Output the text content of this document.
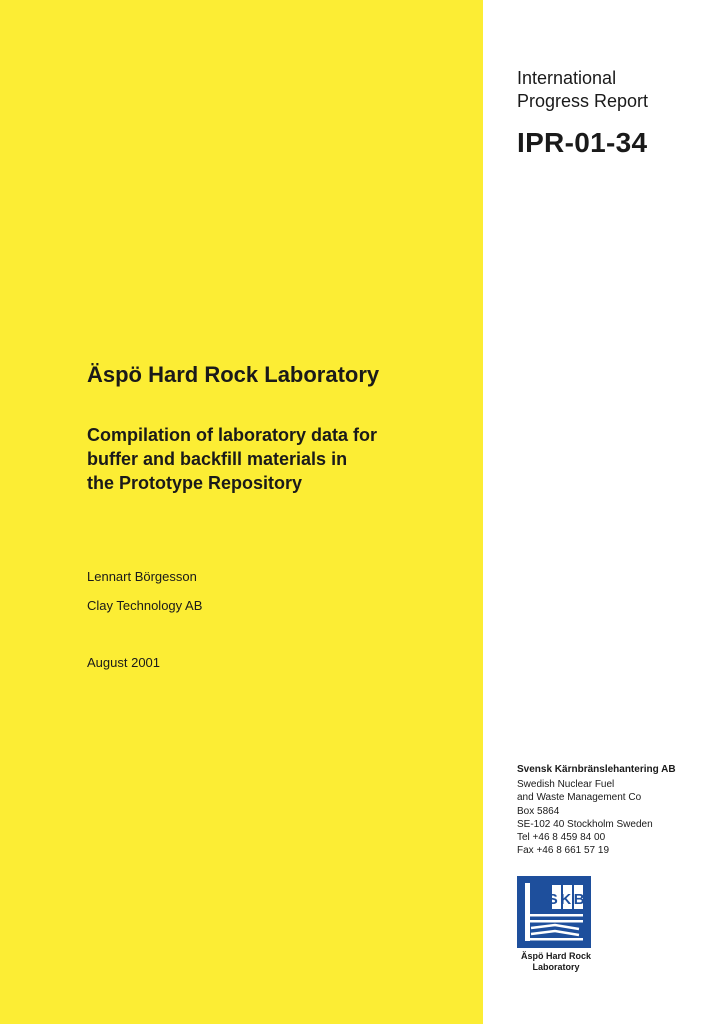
International
Progress Report
IPR-01-34
Äspö Hard Rock Laboratory
Compilation of laboratory data for
buffer and backfill materials in
the Prototype Repository
Lennart Börgesson
Clay Technology AB
August 2001
Svensk Kärnbränslehantering AB
Swedish Nuclear Fuel
and Waste Management Co
Box 5864
SE-102 40 Stockholm Sweden
Tel +46 8 459 84 00
Fax +46 8 661 57 19
SKB
Äspö Hard Rock
Laboratory
